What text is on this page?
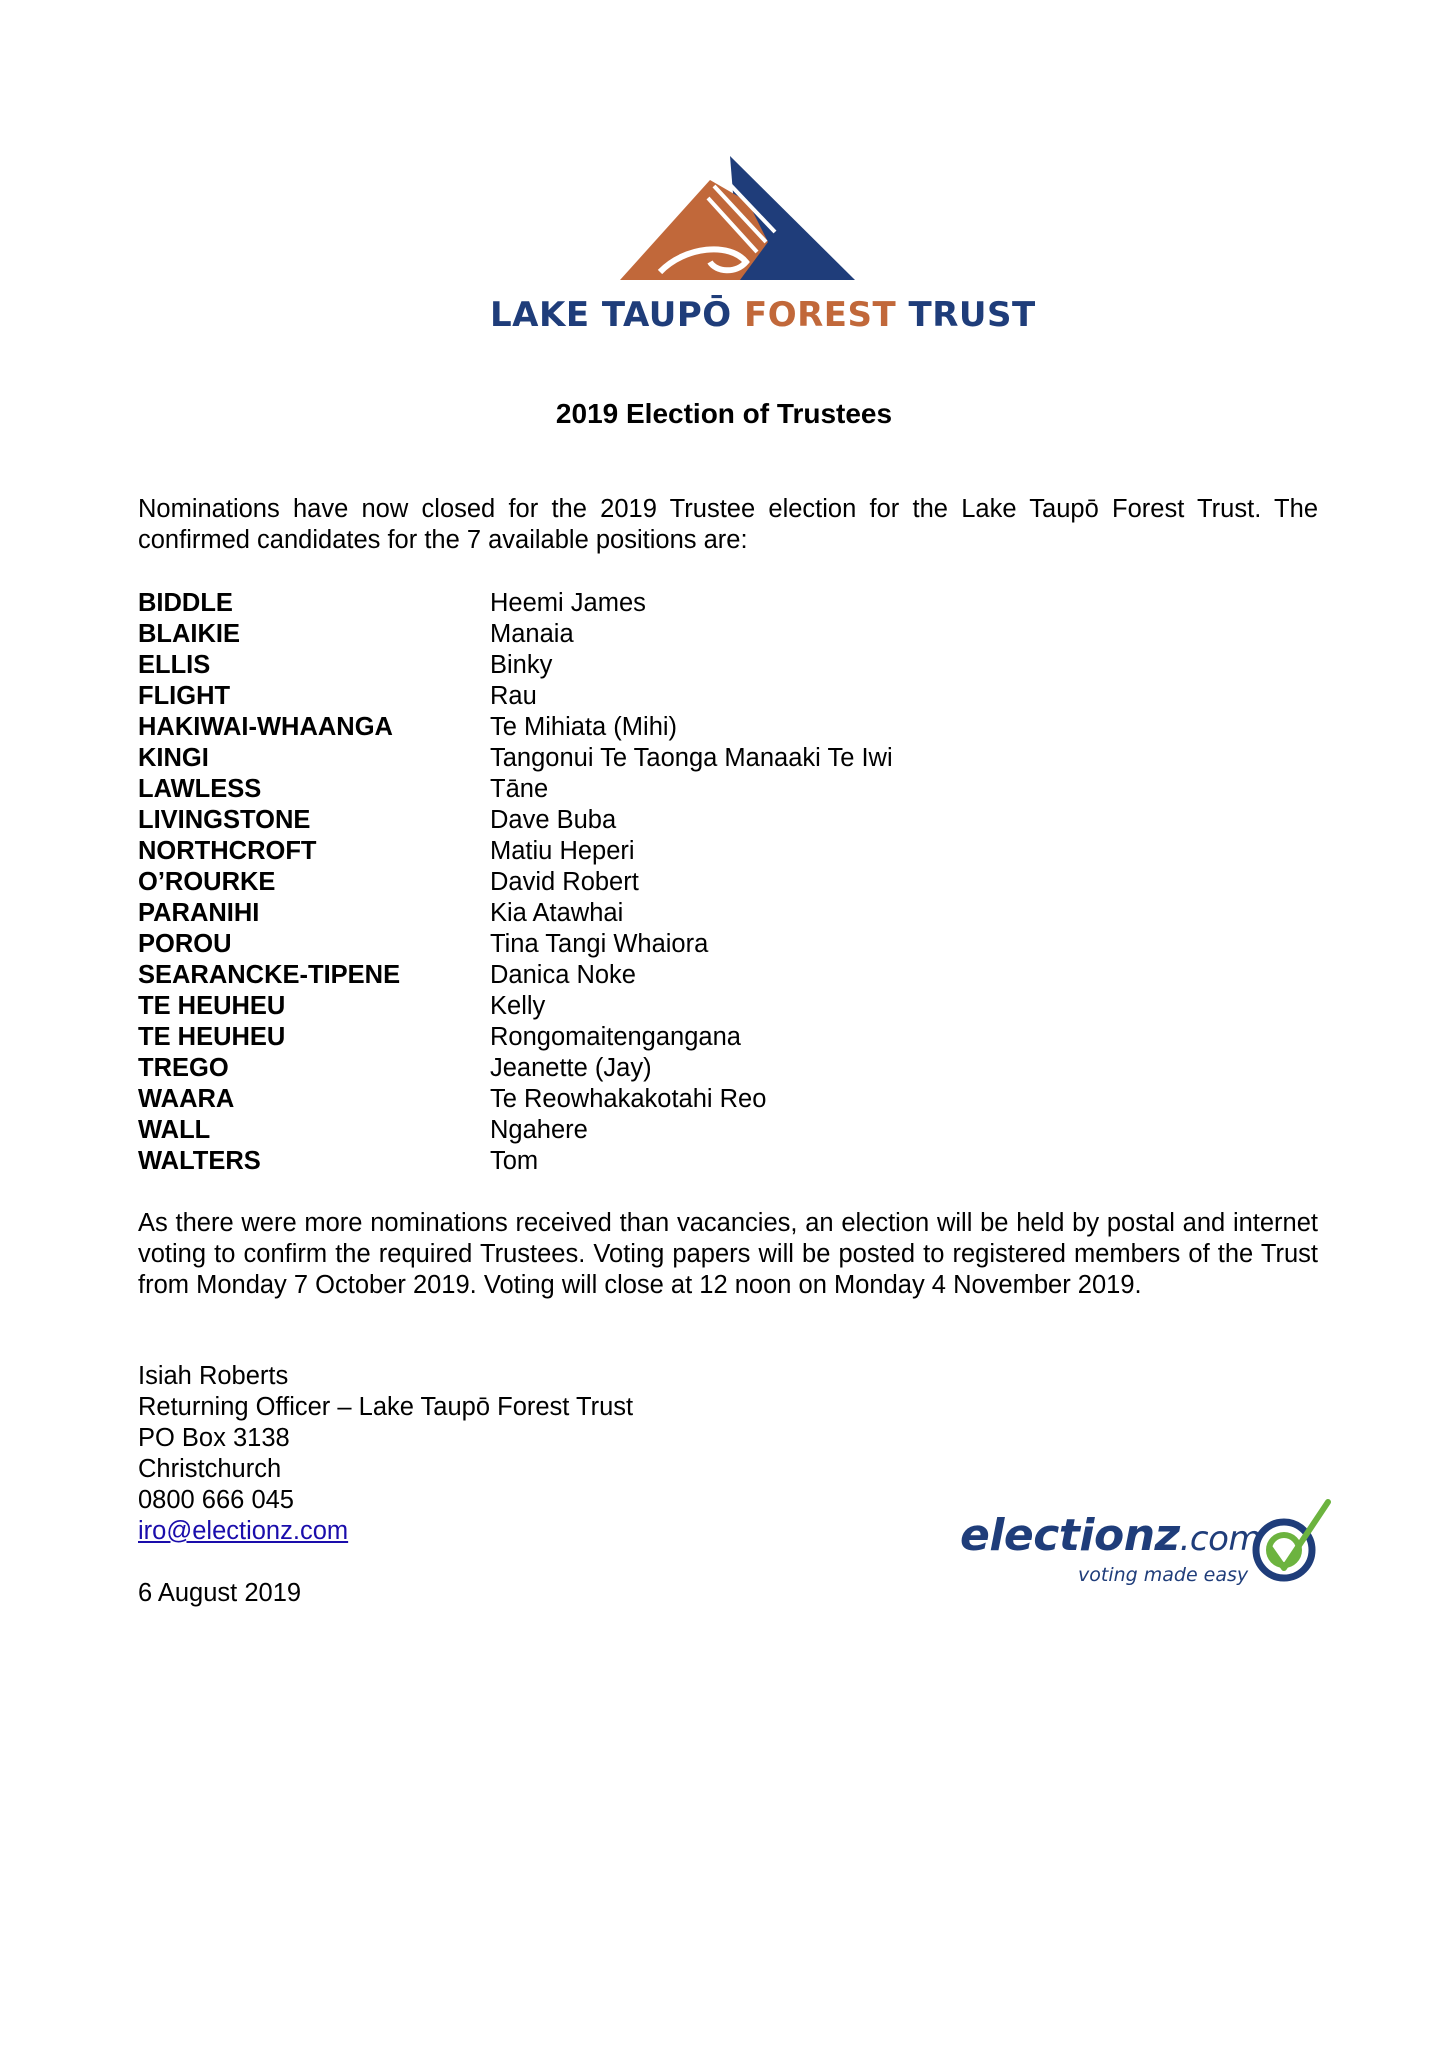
LAKE TAUPŌ FOREST TRUST
2019 Election of Trustees
Nominations have now closed for the 2019 Trustee election for the Lake Taupō Forest Trust. The confirmed candidates for the 7 available positions are:
BIDDLE	Heemi James
BLAIKIE	Manaia
ELLIS	Binky
FLIGHT	Rau
HAKIWAI-WHAANGA	Te Mihiata (Mihi)
KINGI	Tangonui Te Taonga Manaaki Te Iwi
LAWLESS	Tāne
LIVINGSTONE	Dave Buba
NORTHCROFT	Matiu Heperi
O’ROURKE	David Robert
PARANIHI	Kia Atawhai
POROU	Tina Tangi Whaiora
SEARANCKE-TIPENE	Danica Noke
TE HEUHEU	Kelly
TE HEUHEU	Rongomaitengangana
TREGO	Jeanette (Jay)
WAARA	Te Reowhakakotahi Reo
WALL	Ngahere
WALTERS	Tom
As there were more nominations received than vacancies, an election will be held by postal and internet voting to confirm the required Trustees. Voting papers will be posted to registered members of the Trust from Monday 7 October 2019. Voting will close at 12 noon on Monday 4 November 2019.
Isiah Roberts
Returning Officer – Lake Taupō Forest Trust
PO Box 3138
Christchurch
0800 666 045
iro@electionz.com
6 August 2019
electionz.com
voting made easy
